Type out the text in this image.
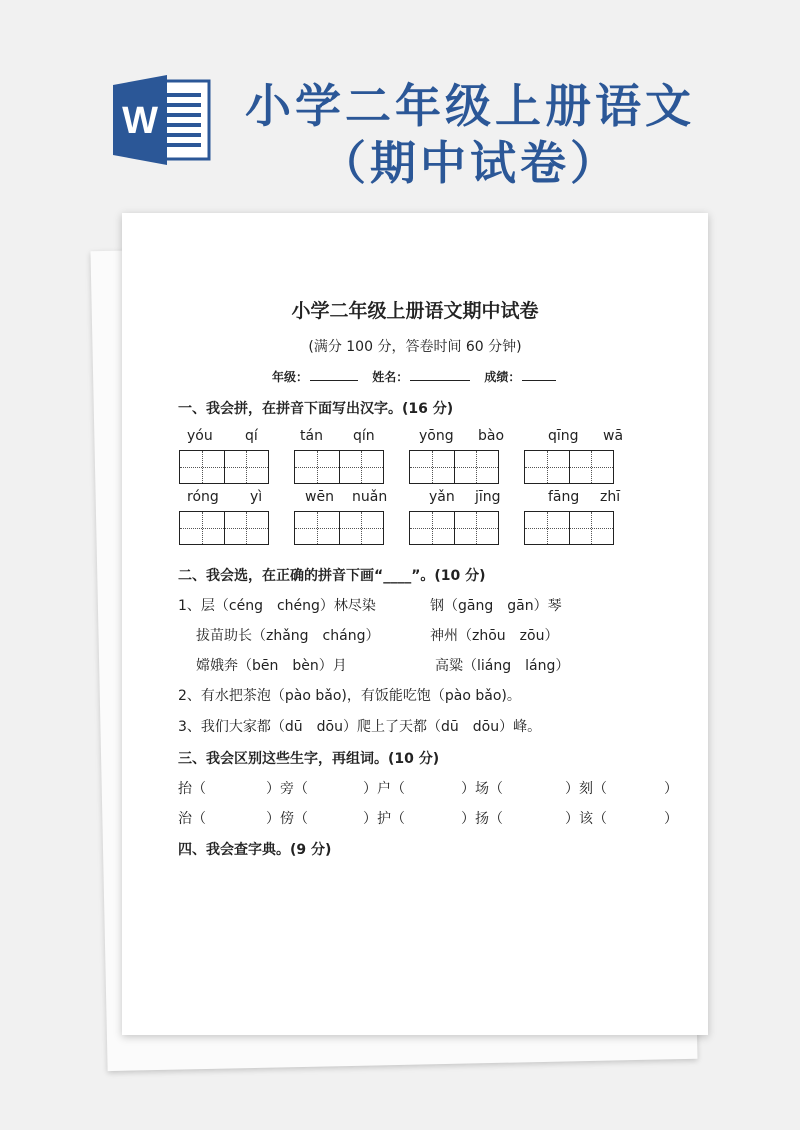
W	小学二年级上册语文
（期中试卷）
小学二年级上册语文期中试卷
(满分 100 分，答卷时间 60 分钟)
年级：	姓名：	成绩：
一、我会拼，在拼音下面写出汉字。(16 分)
yóu qí	tán qín	yōng bào	qīng wā
róng yì	wēn nuǎn	yǎn jīng	fāng zhī
二、我会选，在正确的拼音下画“____”。(10 分)
1、层（céng　chéng）林尽染	钢（gāng　gān）琴
拔苗助长（zhǎng　cháng）	神州（zhōu　zōu）
嫦娥奔（bēn　bèn）月	高粱（liáng　láng）
2、有水把茶泡（pào bǎo)，有饭能吃饱（pào bǎo)。
3、我们大家都（dū　dōu）爬上了天都（dū　dōu）峰。
三、我会区别这些生字，再组词。(10 分)
抬（	）旁（	）户（	）场（	）刻（	）
治（	）傍（	）护（	）扬（	）该（	）
四、我会查字典。(9 分)
